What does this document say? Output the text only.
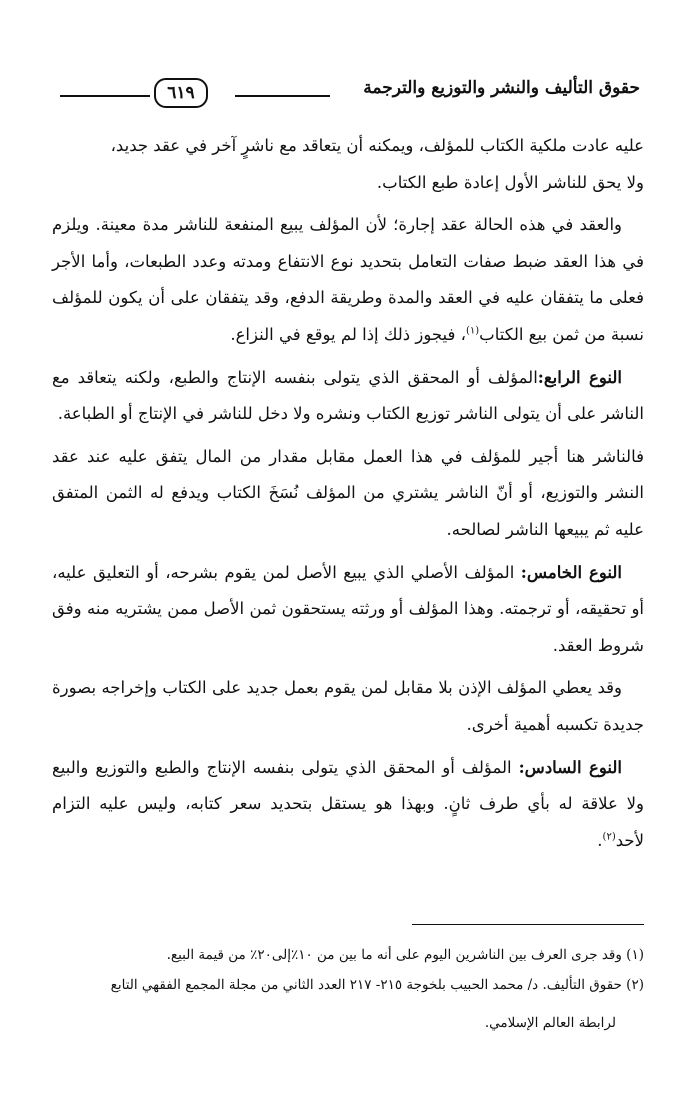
حقوق التأليف والنشر والتوزيع والترجمة
٦١٩

عليه عادت ملكية الكتاب للمؤلف، ويمكنه أن يتعاقد مع ناشرٍ آخر في عقد جديد،
ولا يحق للناشر الأول إعادة طبع الكتاب.

والعقد في هذه الحالة عقد إجارة؛ لأن المؤلف يبيع المنفعة للناشر مدة معينة. ويلزم في هذا العقد ضبط صفات التعامل بتحديد نوع الانتفاع ومدته وعدد الطبعات، وأما الأجر فعلى ما يتفقان عليه في العقد والمدة وطريقة الدفع، وقد يتفقان على أن يكون للمؤلف نسبة من ثمن بيع الكتاب$^{(١)}$، فيجوز ذلك إذا لم يوقع في النزاع.

النوع الرابع:المؤلف أو المحقق الذي يتولى بنفسه الإنتاج والطبع، ولكنه يتعاقد مع الناشر على أن يتولى الناشر توزيع الكتاب ونشره ولا دخل للناشر في الإنتاج أو الطباعة.

فالناشر هنا أجير للمؤلف في هذا العمل مقابل مقدار من المال يتفق عليه عند عقد النشر والتوزيع، أو أنّ الناشر يشتري من المؤلف نُسَخَ الكتاب ويدفع له الثمن المتفق عليه ثم يبيعها الناشر لصالحه.

النوع الخامس: المؤلف الأصلي الذي يبيع الأصل لمن يقوم بشرحه، أو التعليق عليه، أو تحقيقه، أو ترجمته. وهذا المؤلف أو ورثته يستحقون ثمن الأصل ممن يشتريه منه وفق شروط العقد.

وقد يعطي المؤلف الإذن بلا مقابل لمن يقوم بعمل جديد على الكتاب وإخراجه بصورة جديدة تكسبه أهمية أخرى.

النوع السادس: المؤلف أو المحقق الذي يتولى بنفسه الإنتاج والطبع والتوزيع والبيع ولا علاقة له بأي طرف ثانٍ. وبهذا هو يستقل بتحديد سعر كتابه، وليس عليه التزام لأحد$^{(٢)}$.

(١) وقد جرى العرف بين الناشرين اليوم على أنه ما بين من ١٠٪إلى٢٠٪ من قيمة البيع.

(٢) حقوق التأليف. د/ محمد الحبيب بلخوجة ٢١٥- ٢١٧ العدد الثاني من مجلة المجمع الفقهي التابع

لرابطة العالم الإسلامي.
